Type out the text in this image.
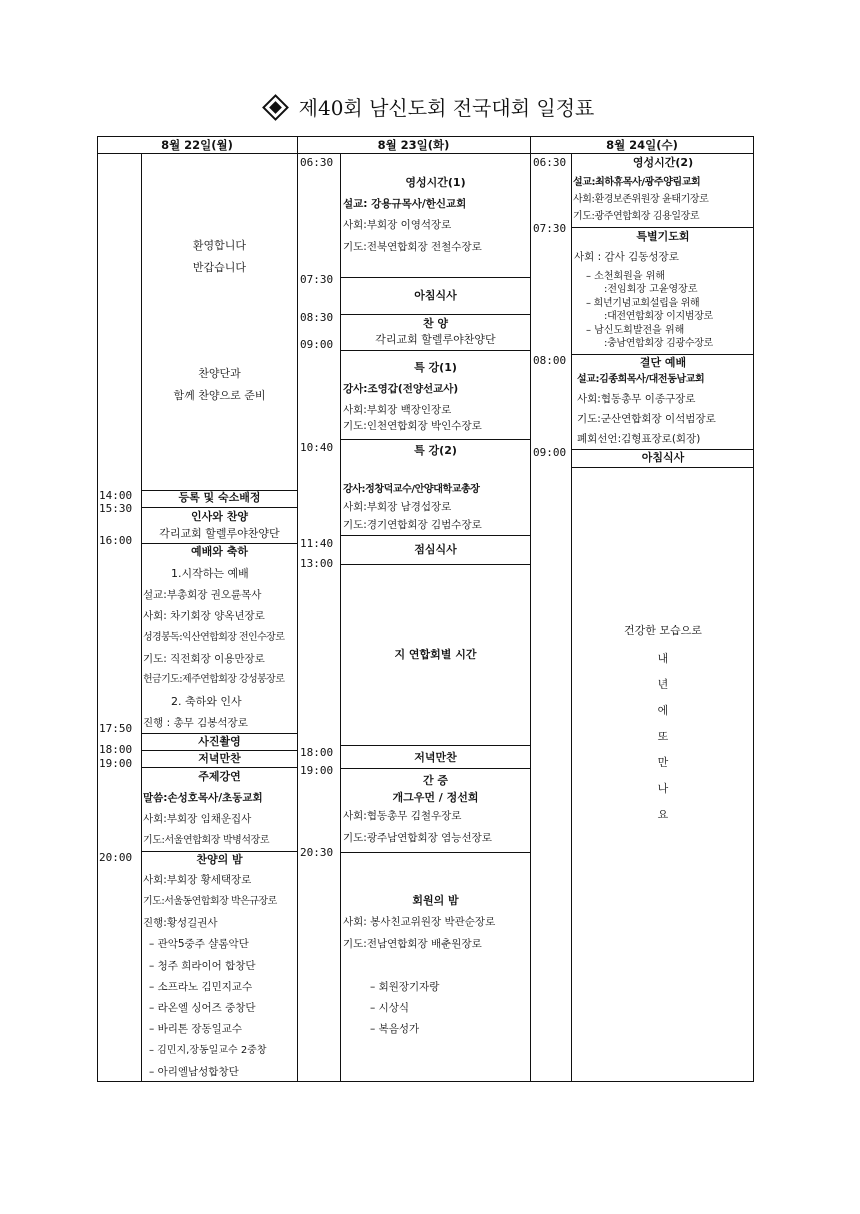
제40회 남신도회 전국대회 일정표
8월 22일(월)	8월 23일(화)	8월 24일(수)
14:00
15:30
16:00
17:50
18:00
19:00
20:00
환영합니다
반갑습니다
찬양단과
함께 찬양으로 준비
등록 및 숙소배정
인사와 찬양
각리교회 할렐루야찬양단
예배와 축하
1.시작하는 예배
설교:부총회장 권오륜목사
사회: 차기회장 양옥년장로
성경봉독:익산연합회장 전인수장로
기도: 직전회장 이용만장로
헌금기도:제주연합회장 강성봉장로
2. 축하와 인사
진행 : 총무 김봉석장로
사진촬영
저녁만찬
주제강연
말씀:손성호목사/초동교회
사회:부회장 임채운집사
기도:서울연합회장 박병석장로
찬양의 밤
사회:부회장 황세택장로
기도:서울동연합회장 박은규장로
진행:황성길권사
– 관악5중주 샬롬악단
– 청주 희라이어 합창단
– 소프라노 김민지교수
– 라온엘 싱어즈 중창단
– 바리톤 장동일교수
– 김민지,장동일교수 2중창
– 아리엘남성합창단
06:30
07:30
08:30
09:00
10:40
11:40
13:00
18:00
19:00
20:30
영성시간(1)
설교: 강용규목사/한신교회
사회:부회장 이영석장로
기도:전북연합회장 전철수장로
아침식사
찬 양
각리교회 할렐루야찬양단
특 강(1)
강사:조영갑(전양선교사)
사회:부회장 백장인장로
기도:인천연합회장 박인수장로
특 강(2)
강사:정창덕교수/안양대학교총장
사회:부회장 남경섭장로
기도:경기연합회장 김범수장로
점심식사
지 연합회별 시간
저녁만찬
간 증
개그우먼 / 정선희
사회:협동총무 김철우장로
기도:광주남연합회장 염능선장로
회원의 밤
사회: 봉사친교위원장 박관순장로
기도:전남연합회장 배춘원장로
– 회원장기자랑
– 시상식
– 복음성가
06:30
07:30
08:00
09:00
영성시간(2)
설교:최하휴목사/광주양림교회
사회:환경보존위원장 윤태기장로
기도:광주연합회장 김용일장로
특별기도회
사회 : 감사 김동성장로
– 소천회원을 위해
:전임회장 고윤영장로
– 희년기념교회설립을 위해
:대전연합회장 이지범장로
– 남신도회발전을 위해
:충남연합회장 김광수장로
결단 예배
설교:김종희목사/대전동남교회
사회:협동총무 이종구장로
기도:군산연합회장 이석범장로
폐회선언:김형표장로(회장)
아침식사
건강한 모습으로
내
년
에
또
만
나
요
